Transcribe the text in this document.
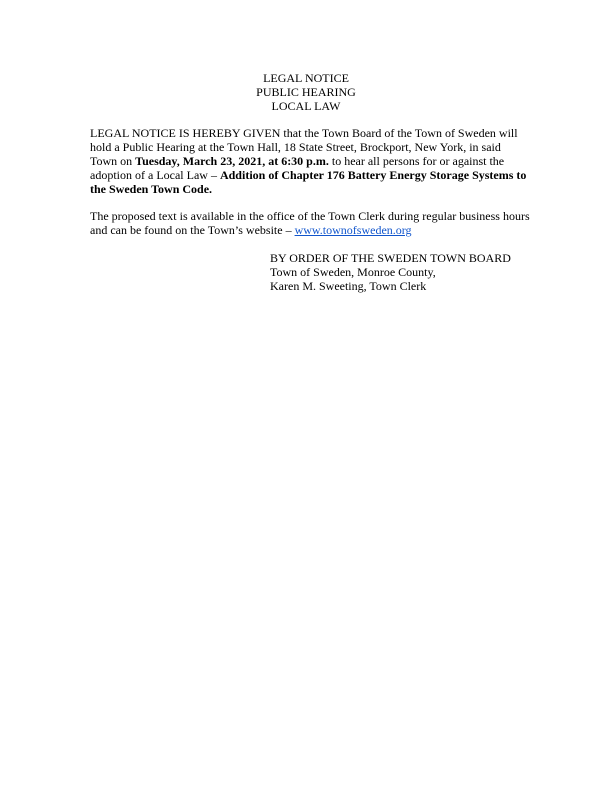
LEGAL NOTICE
PUBLIC HEARING
LOCAL LAW

LEGAL NOTICE IS HEREBY GIVEN that the Town Board of the Town of Sweden will hold a Public Hearing at the Town Hall, 18 State Street, Brockport, New York, in said Town on Tuesday, March 23, 2021, at 6:30 p.m. to hear all persons for or against the adoption of a Local Law – Addition of Chapter 176 Battery Energy Storage Systems to the Sweden Town Code.

The proposed text is available in the office of the Town Clerk during regular business hours and can be found on the Town’s website – www.townofsweden.org

BY ORDER OF THE SWEDEN TOWN BOARD
Town of Sweden, Monroe County,
Karen M. Sweeting, Town Clerk
